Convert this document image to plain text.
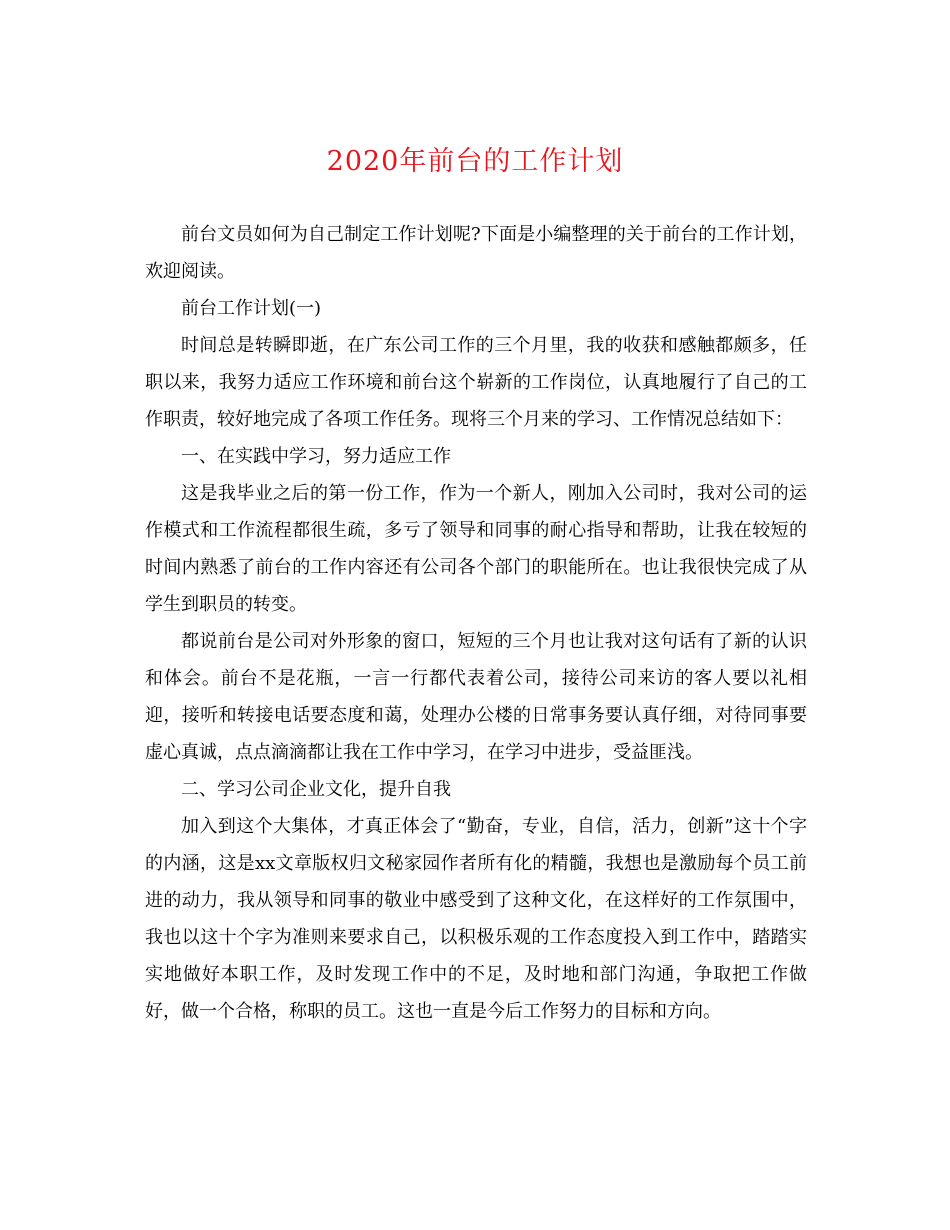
2020年前台的工作计划

前台文员如何为自己制定工作计划呢?下面是小编整理的关于前台的工作计划，欢迎阅读。

前台工作计划(一)

时间总是转瞬即逝，在广东公司工作的三个月里，我的收获和感触都颇多，任职以来，我努力适应工作环境和前台这个崭新的工作岗位，认真地履行了自己的工作职责，较好地完成了各项工作任务。现将三个月来的学习、工作情况总结如下：

一、在实践中学习，努力适应工作

这是我毕业之后的第一份工作，作为一个新人，刚加入公司时，我对公司的运作模式和工作流程都很生疏，多亏了领导和同事的耐心指导和帮助，让我在较短的时间内熟悉了前台的工作内容还有公司各个部门的职能所在。也让我很快完成了从学生到职员的转变。

都说前台是公司对外形象的窗口，短短的三个月也让我对这句话有了新的认识和体会。前台不是花瓶，一言一行都代表着公司，接待公司来访的客人要以礼相迎，接听和转接电话要态度和蔼，处理办公楼的日常事务要认真仔细，对待同事要虚心真诚，点点滴滴都让我在工作中学习，在学习中进步，受益匪浅。

二、学习公司企业文化，提升自我

加入到这个大集体，才真正体会了“勤奋，专业，自信，活力，创新”这十个字的内涵，这是xx文章版权归文秘家园作者所有化的精髓，我想也是激励每个员工前进的动力，我从领导和同事的敬业中感受到了这种文化，在这样好的工作氛围中，我也以这十个字为准则来要求自己，以积极乐观的工作态度投入到工作中，踏踏实实地做好本职工作，及时发现工作中的不足，及时地和部门沟通，争取把工作做好，做一个合格，称职的员工。这也一直是今后工作努力的目标和方向。
